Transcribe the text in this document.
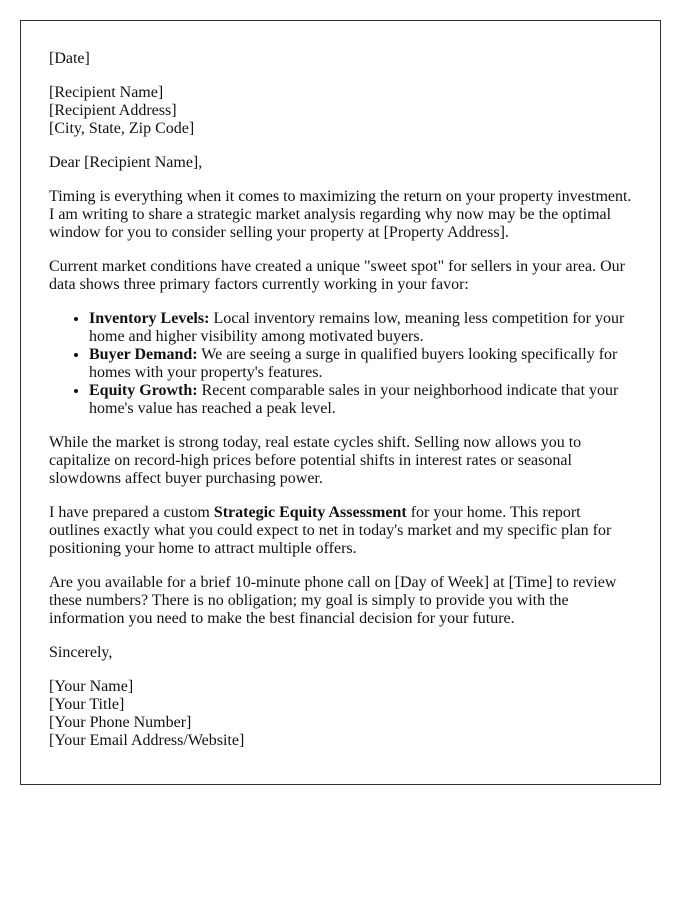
[Date]

[Recipient Name]
[Recipient Address]
[City, State, Zip Code]

Dear [Recipient Name],

Timing is everything when it comes to maximizing the return on your property investment. I am writing to share a strategic market analysis regarding why now may be the optimal window for you to consider selling your property at [Property Address].

Current market conditions have created a unique "sweet spot" for sellers in your area. Our data shows three primary factors currently working in your favor:

• Inventory Levels: Local inventory remains low, meaning less competition for your home and higher visibility among motivated buyers.
• Buyer Demand: We are seeing a surge in qualified buyers looking specifically for homes with your property's features.
• Equity Growth: Recent comparable sales in your neighborhood indicate that your home's value has reached a peak level.

While the market is strong today, real estate cycles shift. Selling now allows you to capitalize on record-high prices before potential shifts in interest rates or seasonal slowdowns affect buyer purchasing power.

I have prepared a custom Strategic Equity Assessment for your home. This report outlines exactly what you could expect to net in today's market and my specific plan for positioning your home to attract multiple offers.

Are you available for a brief 10-minute phone call on [Day of Week] at [Time] to review these numbers? There is no obligation; my goal is simply to provide you with the information you need to make the best financial decision for your future.

Sincerely,

[Your Name]
[Your Title]
[Your Phone Number]
[Your Email Address/Website]
